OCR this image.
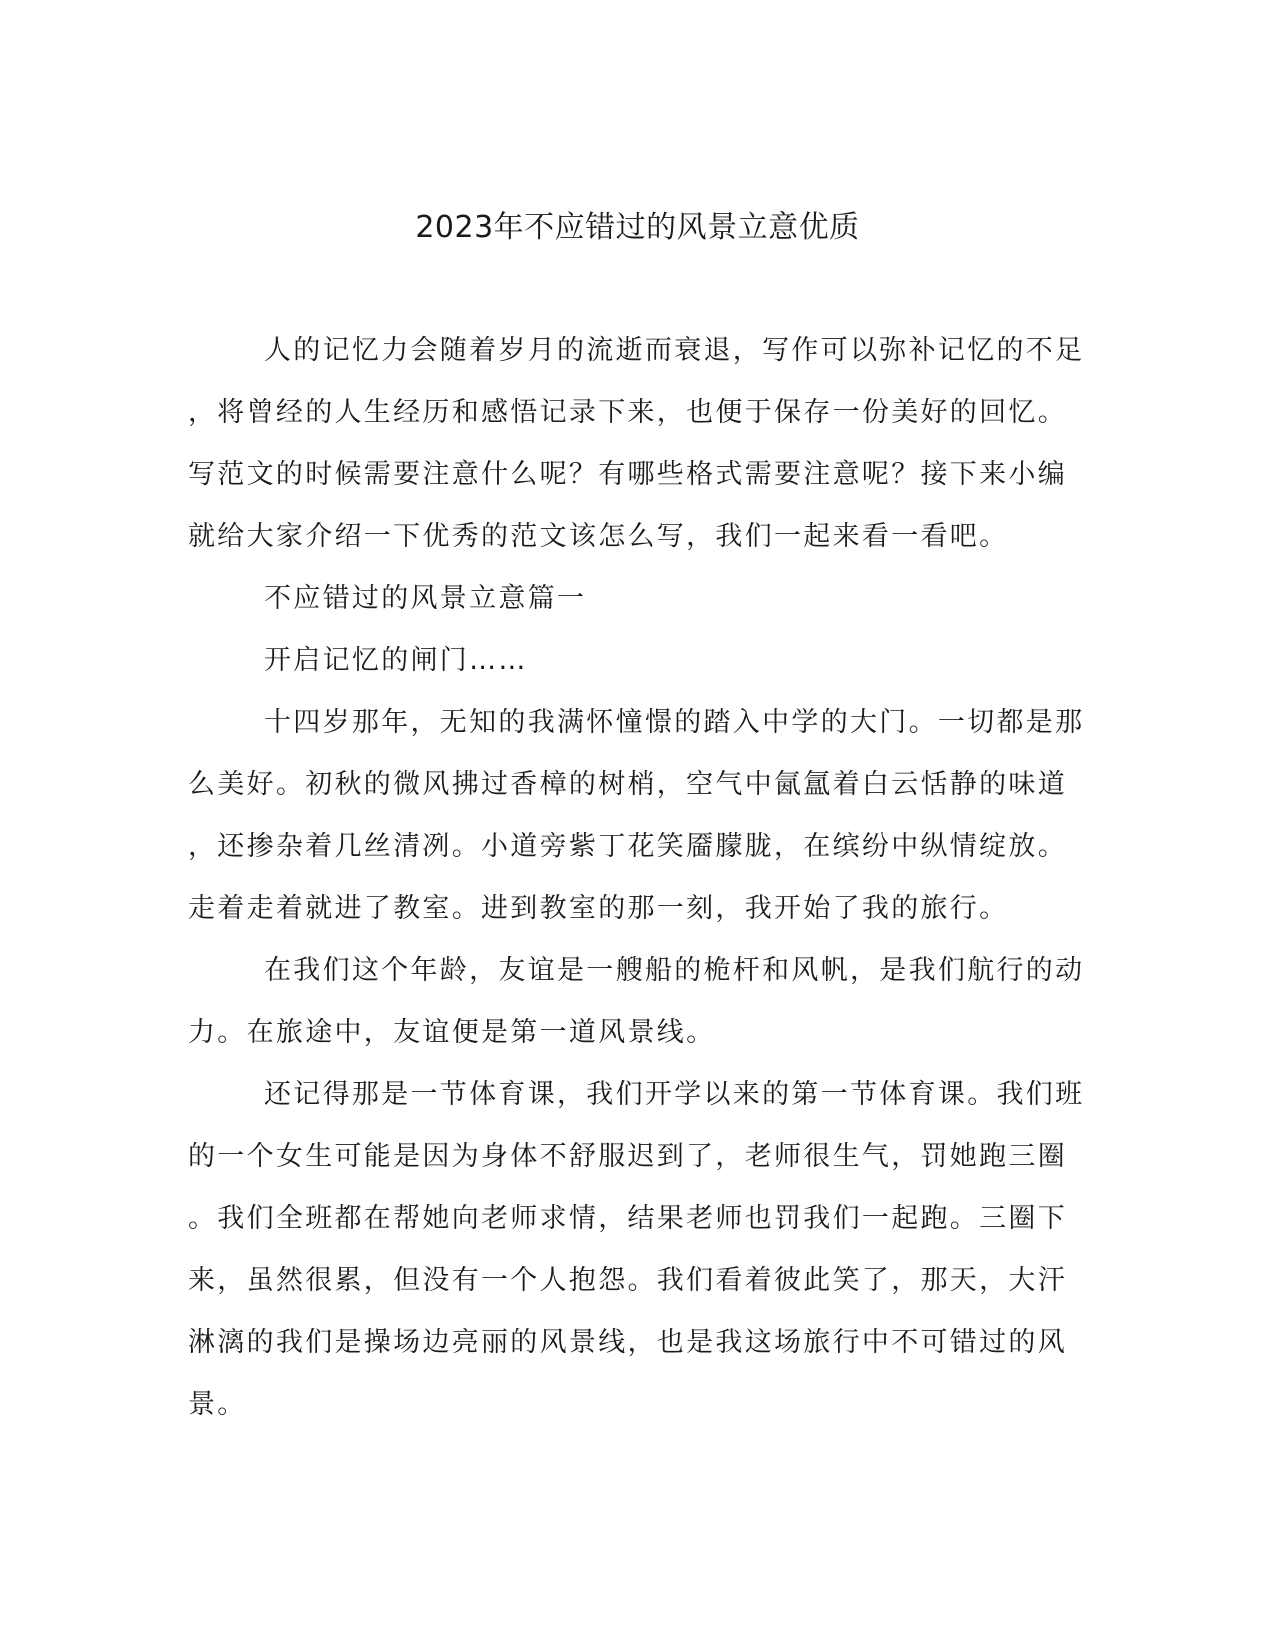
2023年不应错过的风景立意优质
人的记忆力会随着岁月的流逝而衰退，写作可以弥补记忆的不足
，将曾经的人生经历和感悟记录下来，也便于保存一份美好的回忆。
写范文的时候需要注意什么呢？有哪些格式需要注意呢？接下来小编
就给大家介绍一下优秀的范文该怎么写，我们一起来看一看吧。
不应错过的风景立意篇一
开启记忆的闸门……
十四岁那年，无知的我满怀憧憬的踏入中学的大门。一切都是那
么美好。初秋的微风拂过香樟的树梢，空气中氤氲着白云恬静的味道
，还掺杂着几丝清冽。小道旁紫丁花笑靥朦胧，在缤纷中纵情绽放。
走着走着就进了教室。进到教室的那一刻，我开始了我的旅行。
在我们这个年龄，友谊是一艘船的桅杆和风帆，是我们航行的动
力。在旅途中，友谊便是第一道风景线。
还记得那是一节体育课，我们开学以来的第一节体育课。我们班
的一个女生可能是因为身体不舒服迟到了，老师很生气，罚她跑三圈
。我们全班都在帮她向老师求情，结果老师也罚我们一起跑。三圈下
来，虽然很累，但没有一个人抱怨。我们看着彼此笑了，那天，大汗
淋漓的我们是操场边亮丽的风景线，也是我这场旅行中不可错过的风
景。
